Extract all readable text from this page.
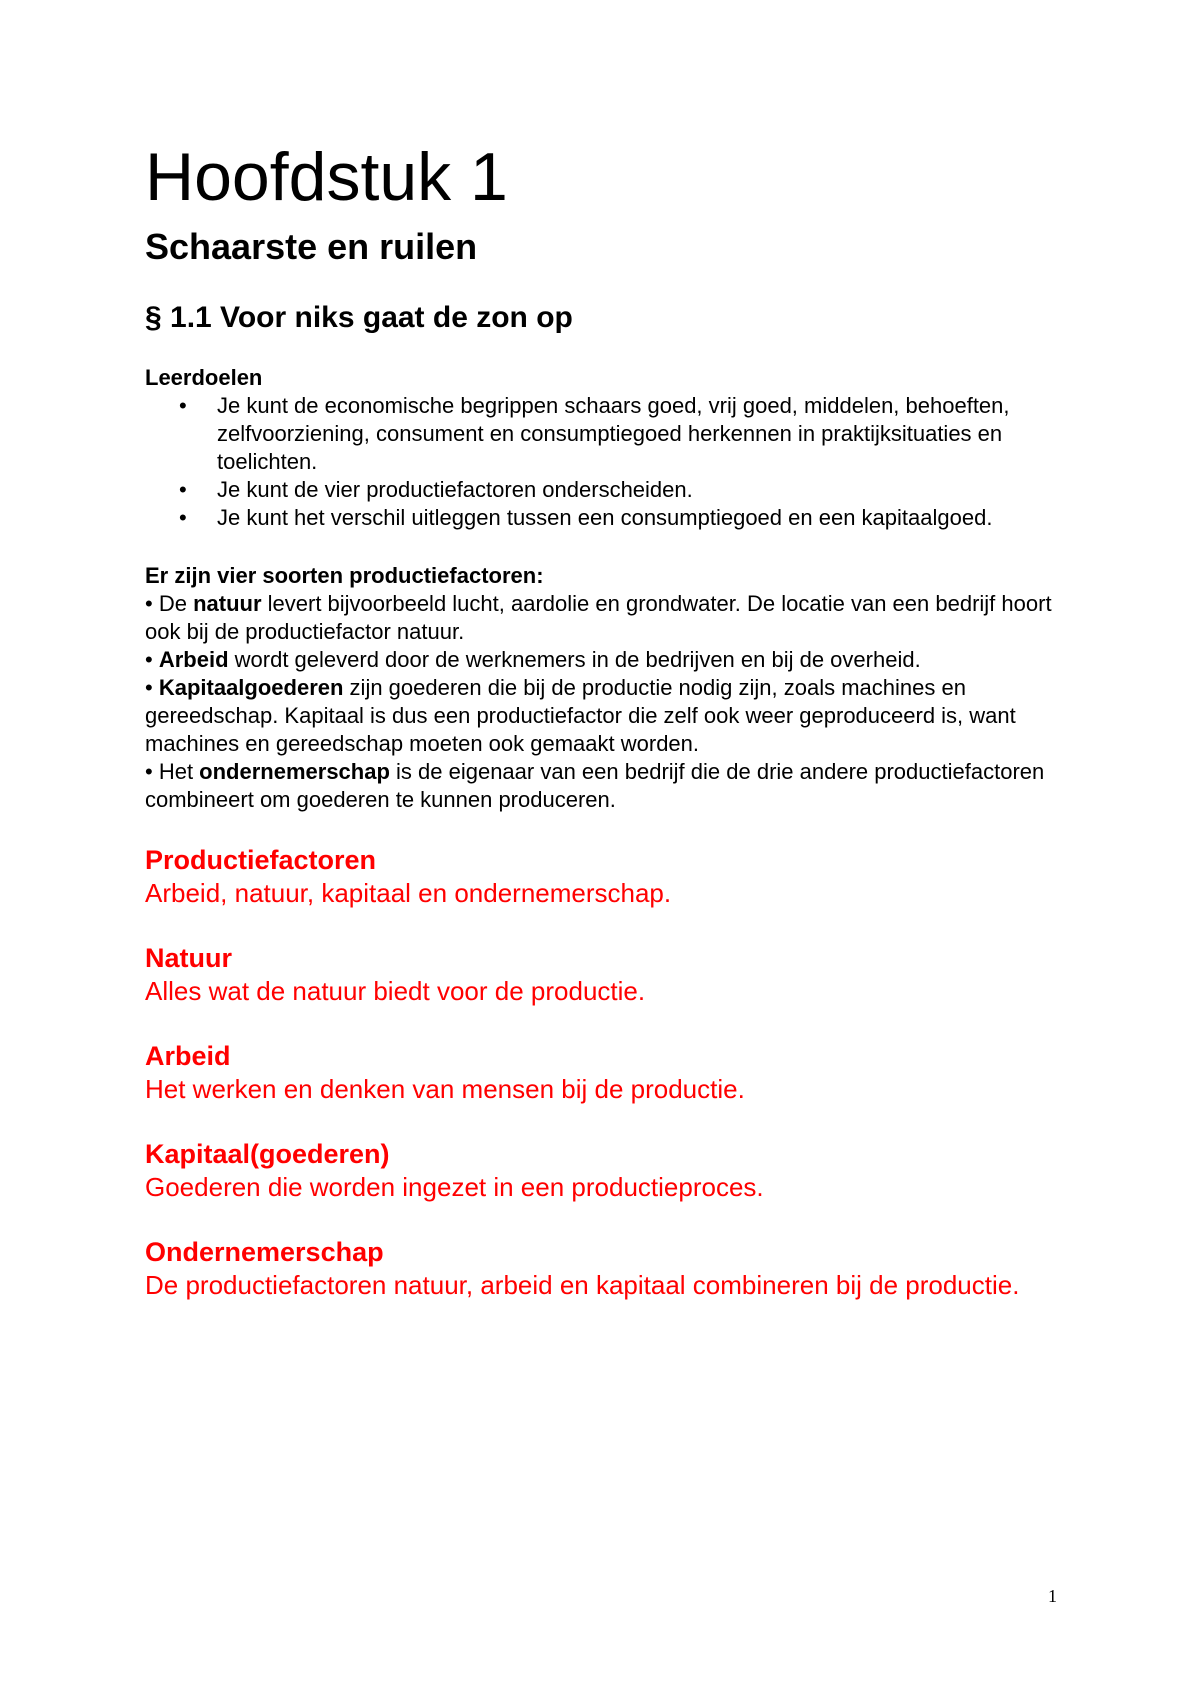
Hoofdstuk 1
Schaarste en ruilen
§ 1.1 Voor niks gaat de zon op
Leerdoelen
• Je kunt de economische begrippen schaars goed, vrij goed, middelen, behoeften, zelfvoorziening, consument en consumptiegoed herkennen in praktijksituaties en toelichten.
• Je kunt de vier productiefactoren onderscheiden.
• Je kunt het verschil uitleggen tussen een consumptiegoed en een kapitaalgoed.
Er zijn vier soorten productiefactoren:

• De natuur levert bijvoorbeeld lucht, aardolie en grondwater. De locatie van een bedrijf hoort ook bij de productiefactor natuur.

• Arbeid wordt geleverd door de werknemers in de bedrijven en bij de overheid.

• Kapitaalgoederen zijn goederen die bij de productie nodig zijn, zoals machines en gereedschap. Kapitaal is dus een productiefactor die zelf ook weer geproduceerd is, want machines en gereedschap moeten ook gemaakt worden.

• Het ondernemerschap is de eigenaar van een bedrijf die de drie andere productiefactoren combineert om goederen te kunnen produceren.

Productiefactoren

Arbeid, natuur, kapitaal en ondernemerschap.

Natuur

Alles wat de natuur biedt voor de productie.

Arbeid

Het werken en denken van mensen bij de productie.

Kapitaal(goederen)

Goederen die worden ingezet in een productieproces.

Ondernemerschap

De productiefactoren natuur, arbeid en kapitaal combineren bij de productie.

1
